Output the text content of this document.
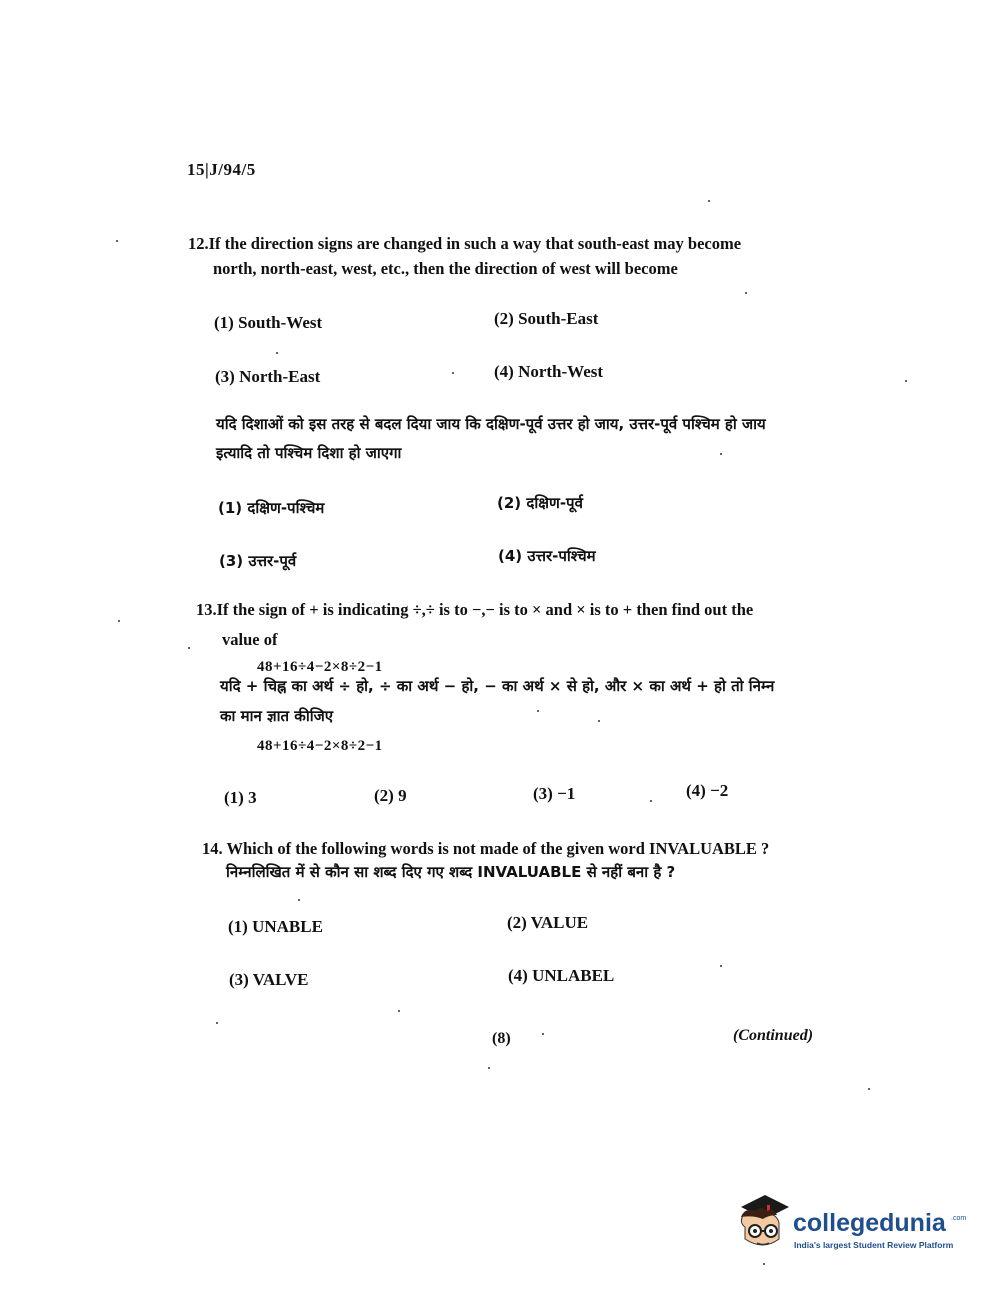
15|J/94/5
12.If the direction signs are changed in such a way that south-east may become
north, north-east, west, etc., then the direction of west will become
(1) South-West	(2) South-East
(3) North-East	(4) North-West
यदि दिशाओं को इस तरह से बदल दिया जाय कि दक्षिण-पूर्व उत्तर हो जाय, उत्तर-पूर्व पश्चिम हो जाय
इत्यादि तो पश्चिम दिशा हो जाएगा
(1) दक्षिण-पश्चिम	(2) दक्षिण-पूर्व
(3) उत्तर-पूर्व	(4) उत्तर-पश्चिम
13.If the sign of + is indicating ÷,÷ is to −,− is to × and × is to + then find out the
value of
48+16÷4−2×8÷2−1
यदि + चिह्न का अर्थ ÷ हो, ÷ का अर्थ − हो, − का अर्थ × से हो, और × का अर्थ + हो तो निम्न
का मान ज्ञात कीजिए
48+16÷4−2×8÷2−1
(1) 3	(2) 9	(3) −1	(4) −2
14. Which of the following words is not made of the given word INVALUABLE ?
निम्नलिखित में से कौन सा शब्द दिए गए शब्द INVALUABLE से नहीं बना है ?
(1) UNABLE	(2) VALUE
(3) VALVE	(4) UNLABEL
(8)	(Continued)
collegedunia .com
India's largest Student Review Platform
